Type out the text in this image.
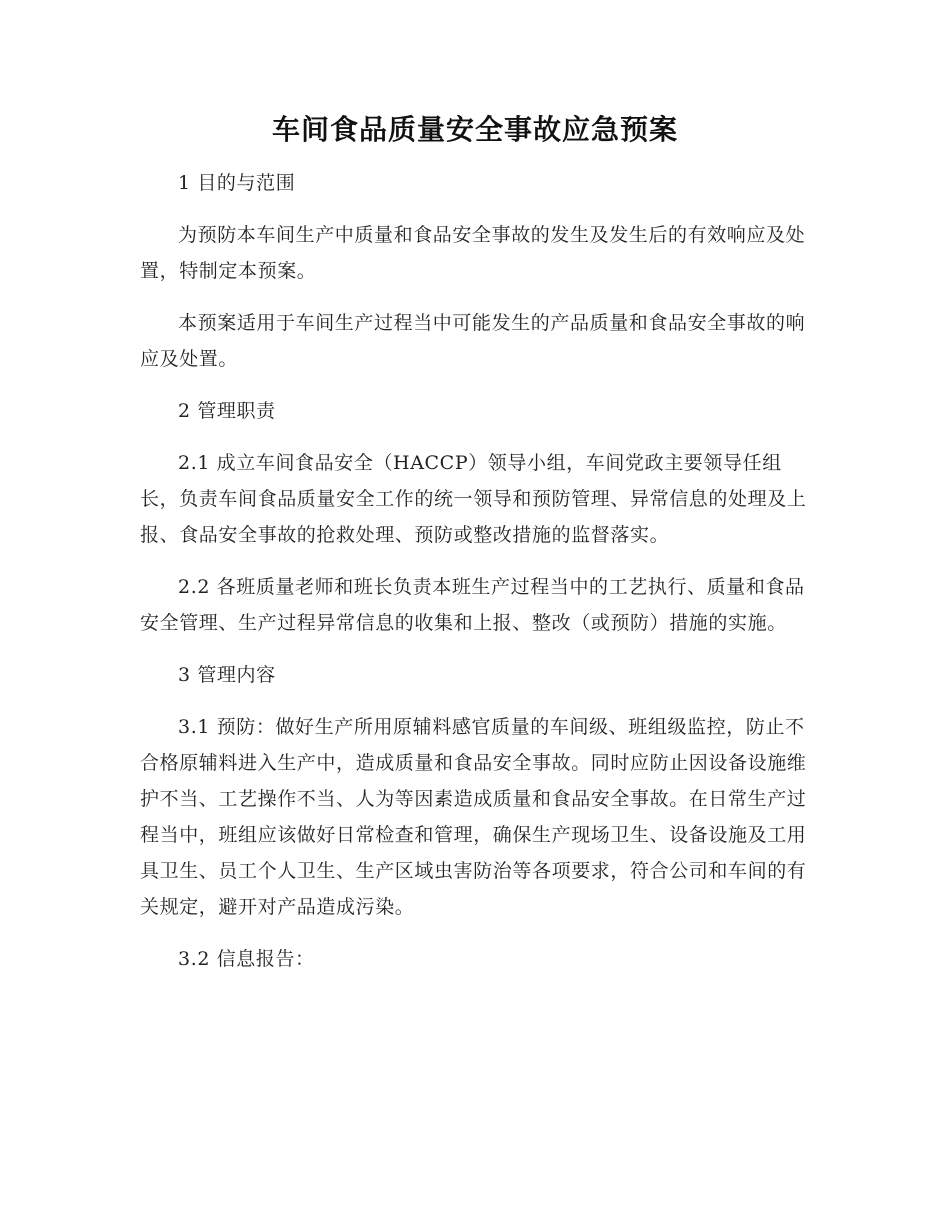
车间食品质量安全事故应急预案
1 目的与范围
为预防本车间生产中质量和食品安全事故的发生及发生后的有效响应及处置，特制定本预案。
本预案适用于车间生产过程当中可能发生的产品质量和食品安全事故的响应及处置。
2 管理职责
2.1 成立车间食品安全（HACCP）领导小组，车间党政主要领导任组长，负责车间食品质量安全工作的统一领导和预防管理、异常信息的处理及上报、食品安全事故的抢救处理、预防或整改措施的监督落实。
2.2 各班质量老师和班长负责本班生产过程当中的工艺执行、质量和食品安全管理、生产过程异常信息的收集和上报、整改（或预防）措施的实施。
3 管理内容
3.1 预防：做好生产所用原辅料感官质量的车间级、班组级监控，防止不合格原辅料进入生产中，造成质量和食品安全事故。同时应防止因设备设施维护不当、工艺操作不当、人为等因素造成质量和食品安全事故。在日常生产过程当中，班组应该做好日常检查和管理，确保生产现场卫生、设备设施及工用具卫生、员工个人卫生、生产区域虫害防治等各项要求，符合公司和车间的有关规定，避开对产品造成污染。
3.2 信息报告：
